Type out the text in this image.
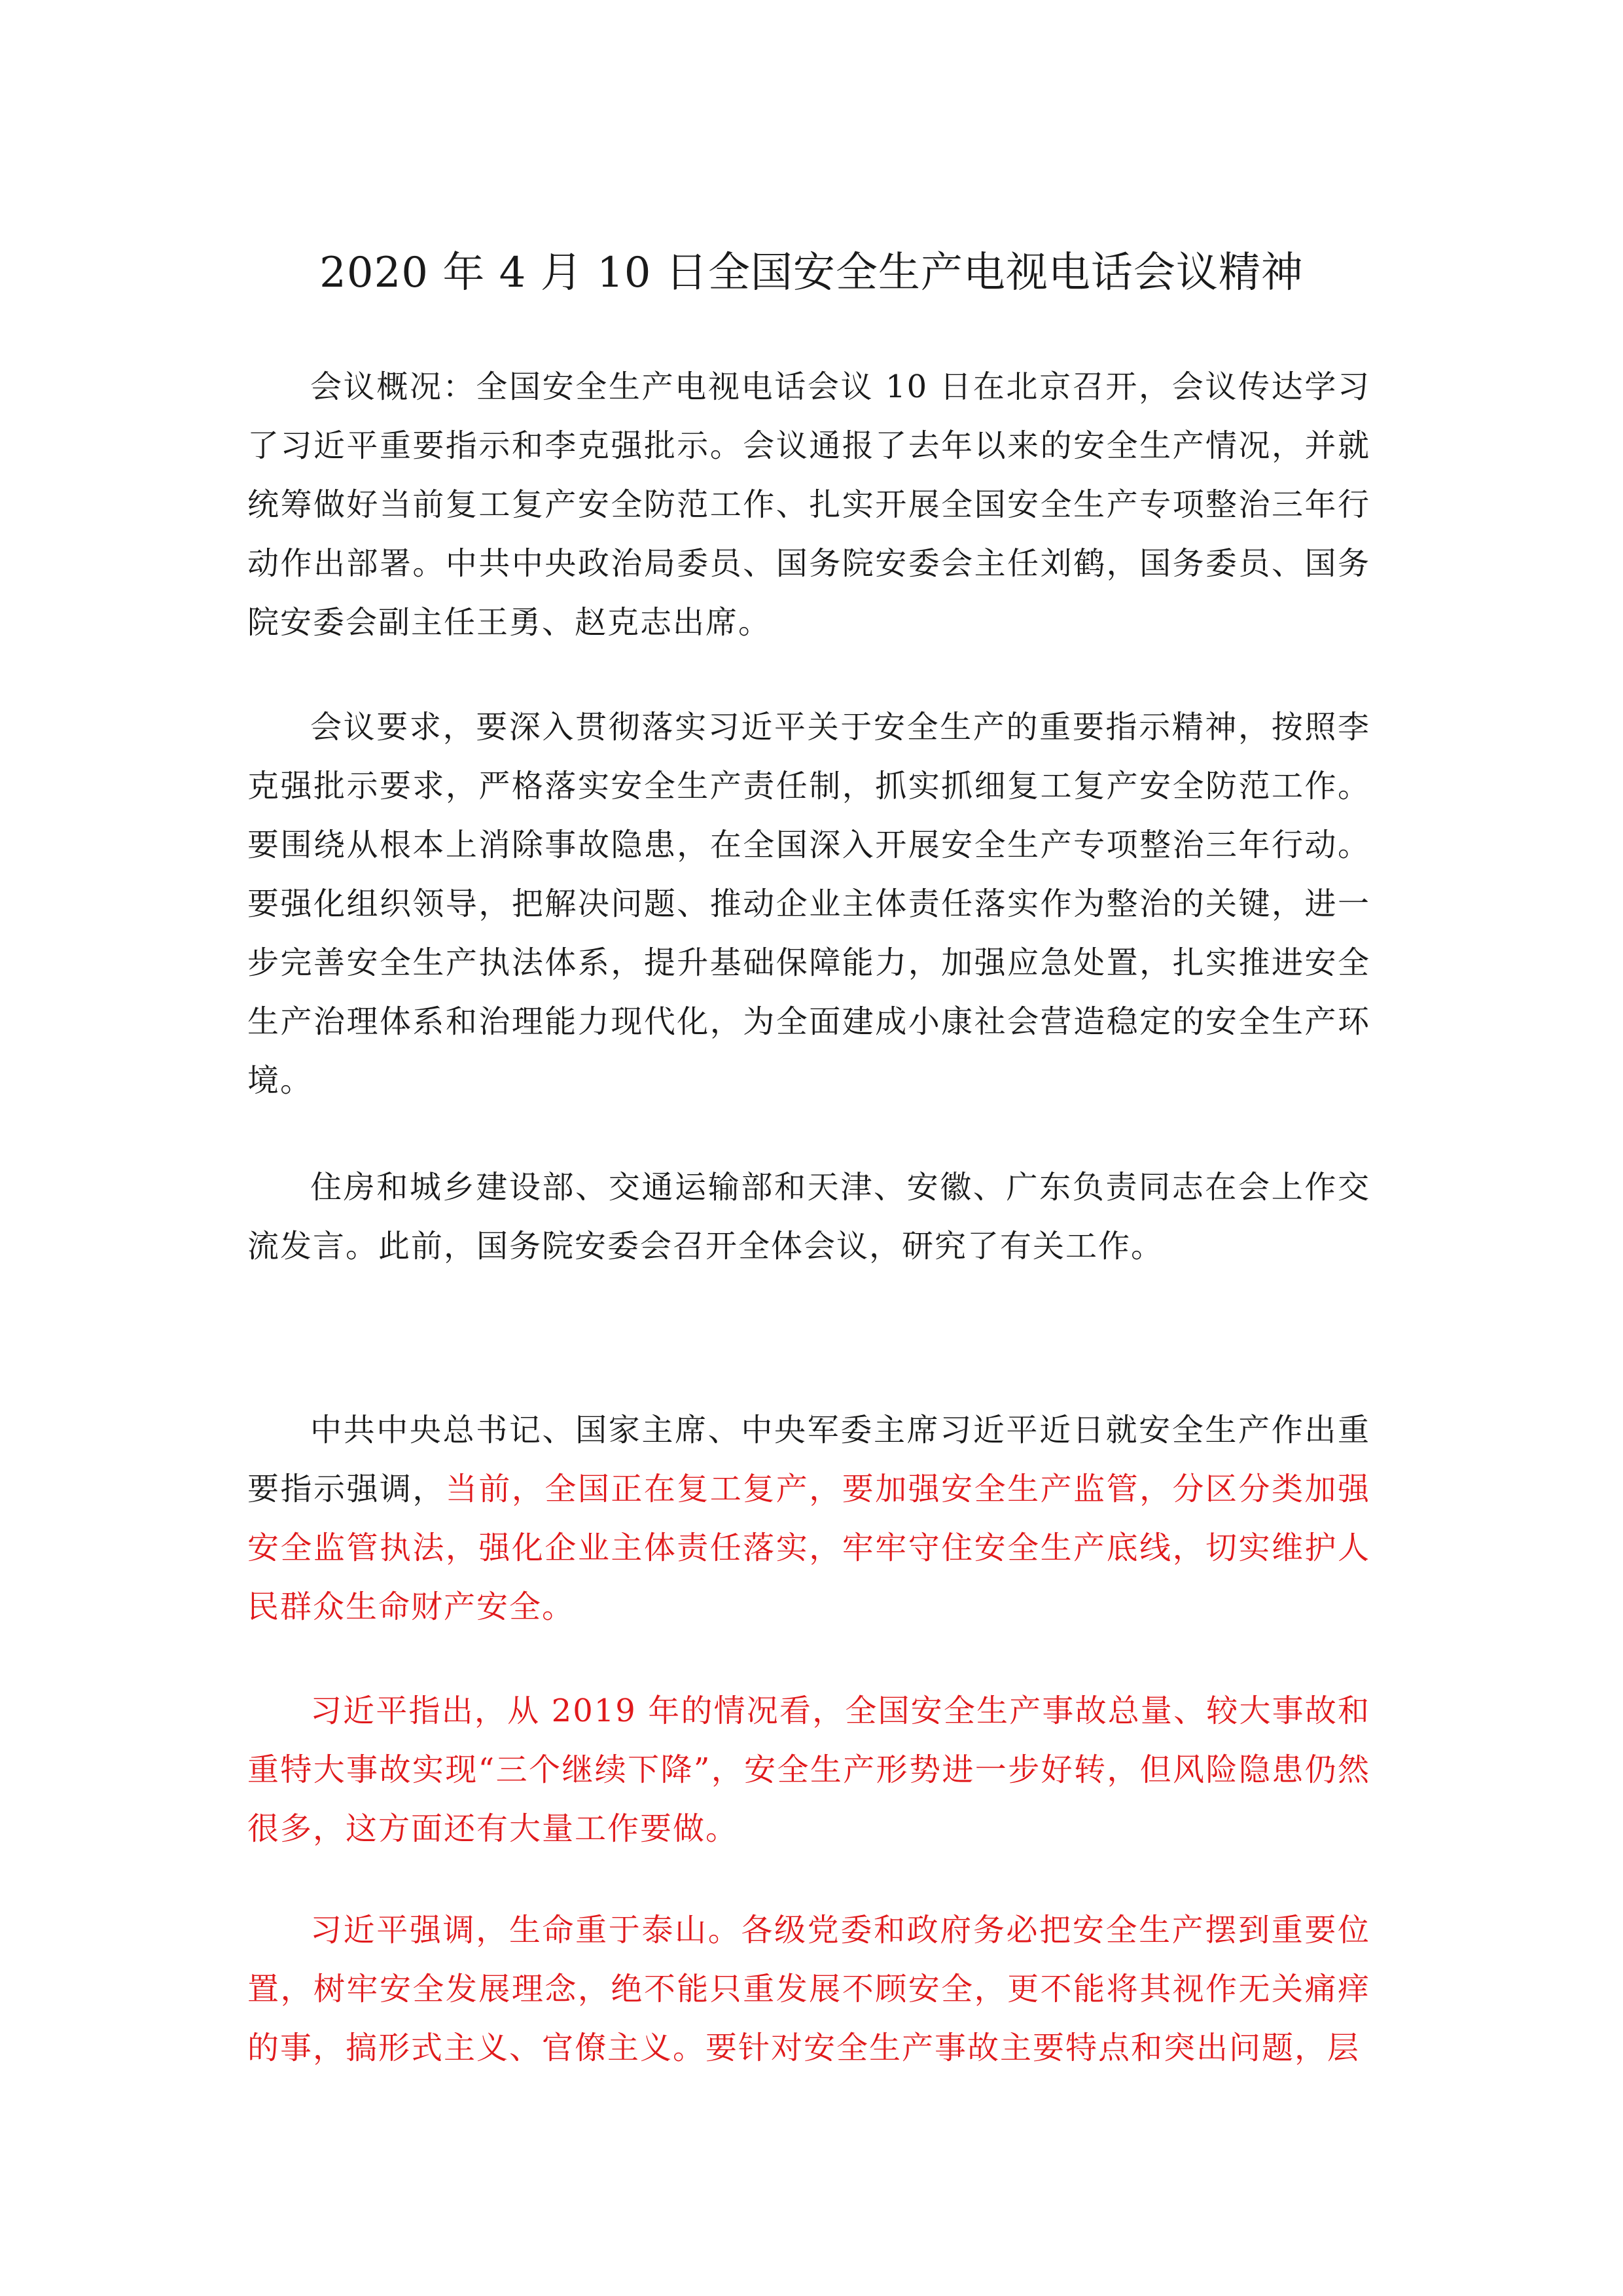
2020 年 4 月 10 日全国安全生产电视电话会议精神

会议概况：全国安全生产电视电话会议 10 日在北京召开，会议传达学习了习近平重要指示和李克强批示。会议通报了去年以来的安全生产情况，并就统筹做好当前复工复产安全防范工作、扎实开展全国安全生产专项整治三年行动作出部署。中共中央政治局委员、国务院安委会主任刘鹤，国务委员、国务院安委会副主任王勇、赵克志出席。

会议要求，要深入贯彻落实习近平关于安全生产的重要指示精神，按照李克强批示要求，严格落实安全生产责任制，抓实抓细复工复产安全防范工作。要围绕从根本上消除事故隐患，在全国深入开展安全生产专项整治三年行动。要强化组织领导，把解决问题、推动企业主体责任落实作为整治的关键，进一步完善安全生产执法体系，提升基础保障能力，加强应急处置，扎实推进安全生产治理体系和治理能力现代化，为全面建成小康社会营造稳定的安全生产环境。

住房和城乡建设部、交通运输部和天津、安徽、广东负责同志在会上作交流发言。此前，国务院安委会召开全体会议，研究了有关工作。

中共中央总书记、国家主席、中央军委主席习近平近日就安全生产作出重要指示强调，当前，全国正在复工复产，要加强安全生产监管，分区分类加强安全监管执法，强化企业主体责任落实，牢牢守住安全生产底线，切实维护人民群众生命财产安全。

习近平指出，从 2019 年的情况看，全国安全生产事故总量、较大事故和重特大事故实现“三个继续下降”，安全生产形势进一步好转，但风险隐患仍然很多，这方面还有大量工作要做。

习近平强调，生命重于泰山。各级党委和政府务必把安全生产摆到重要位置，树牢安全发展理念，绝不能只重发展不顾安全，更不能将其视作无关痛痒的事，搞形式主义、官僚主义。要针对安全生产事故主要特点和突出问题，层
